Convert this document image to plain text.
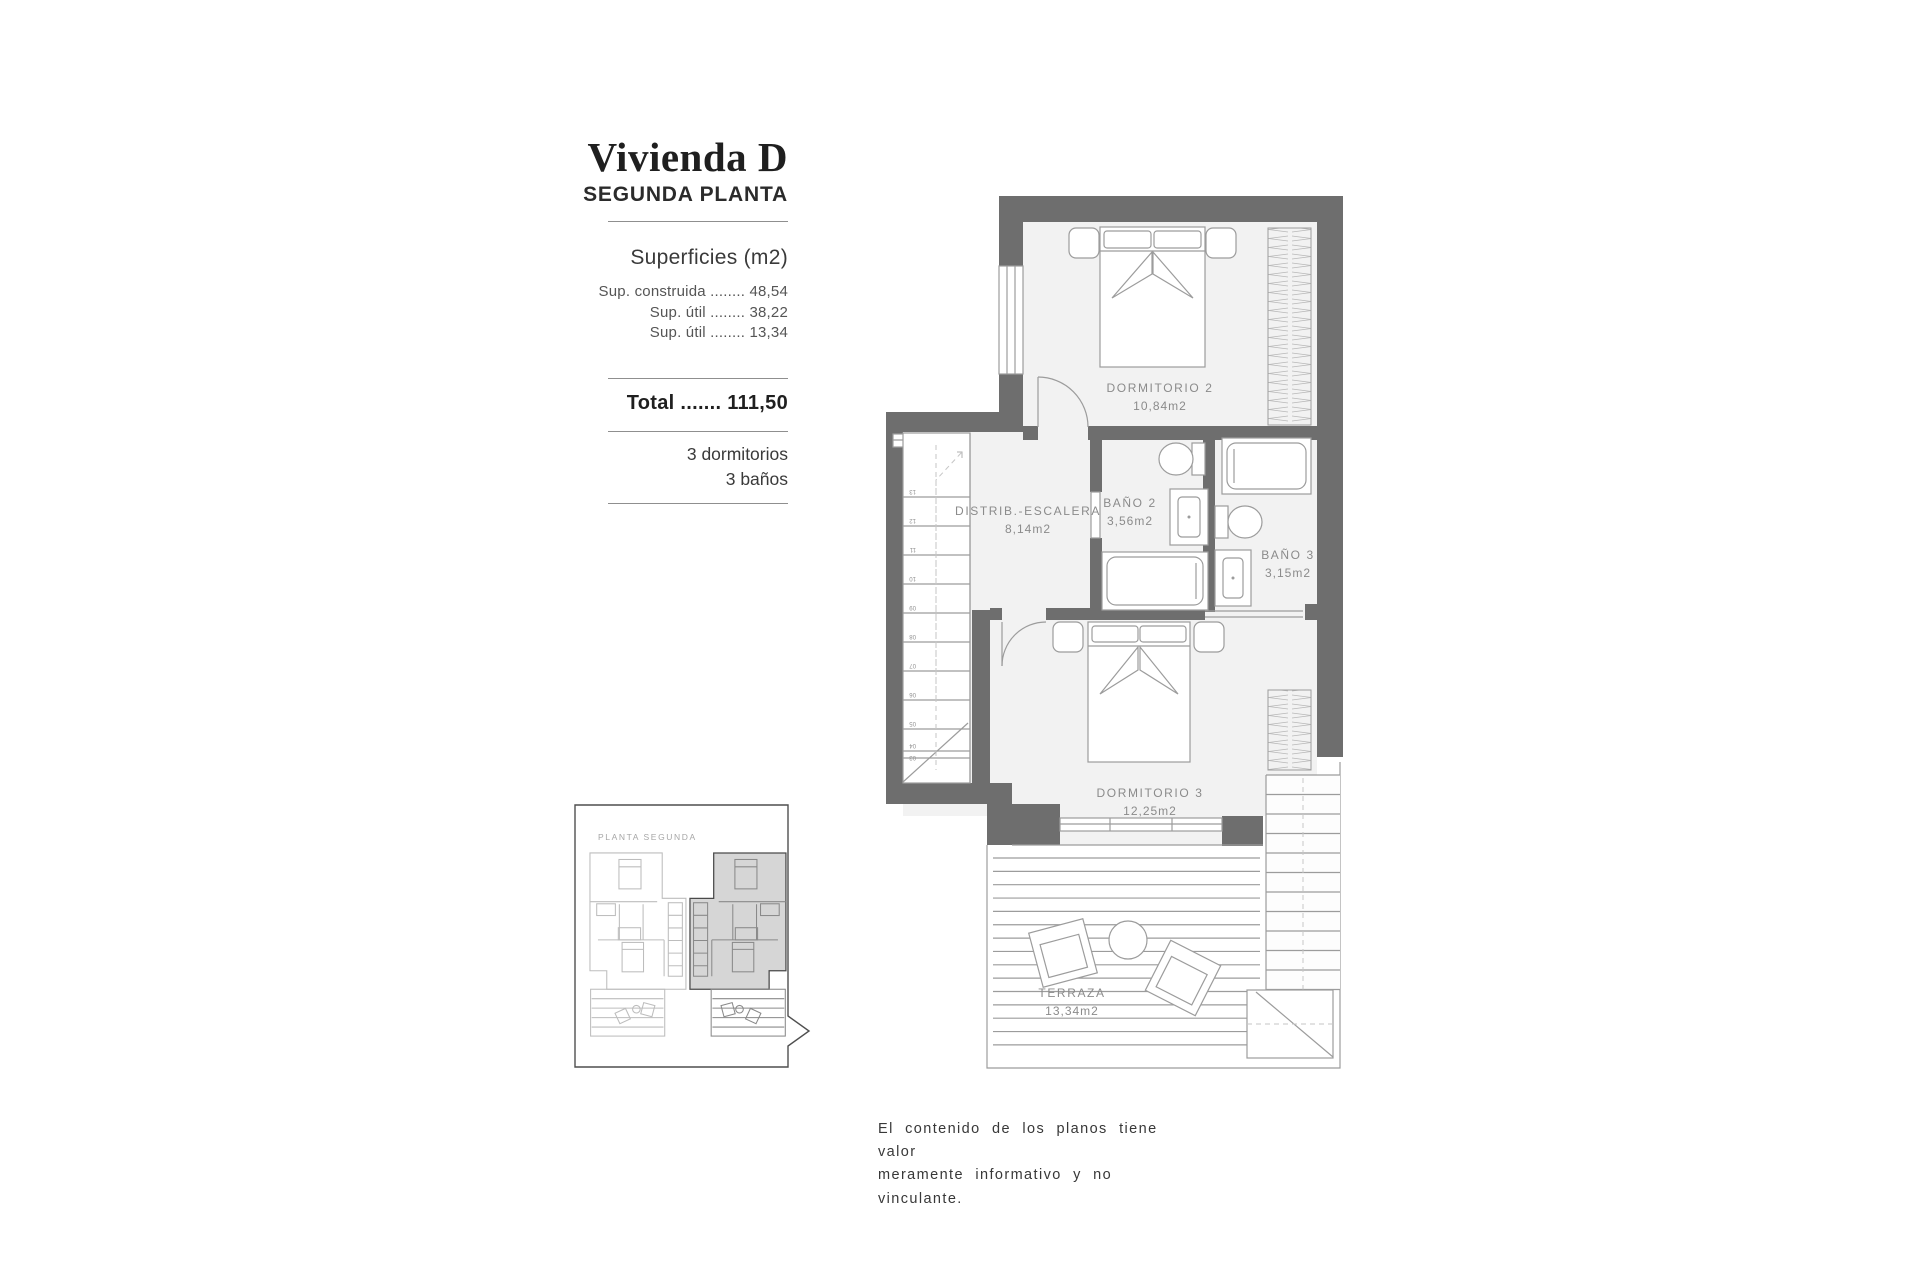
Vivienda D
SEGUNDA PLANTA
Superficies (m2)
Sup. construida ........ 48,54
Sup. útil ........ 38,22
Sup. útil ........ 13,34
Total ....... 111,50
3 dormitorios
3 baños
13
12
11
10
09
08
07
06
05
04
03
DORMITORIO 2
10,84m2
DISTRIB.-ESCALERA
8,14m2
BAÑO 2
3,56m2
BAÑO 3
3,15m2
DORMITORIO 3
12,25m2
TERRAZA
13,34m2
PLANTA SEGUNDA
El contenido de los planos tiene valor
meramente informativo y no vinculante.
